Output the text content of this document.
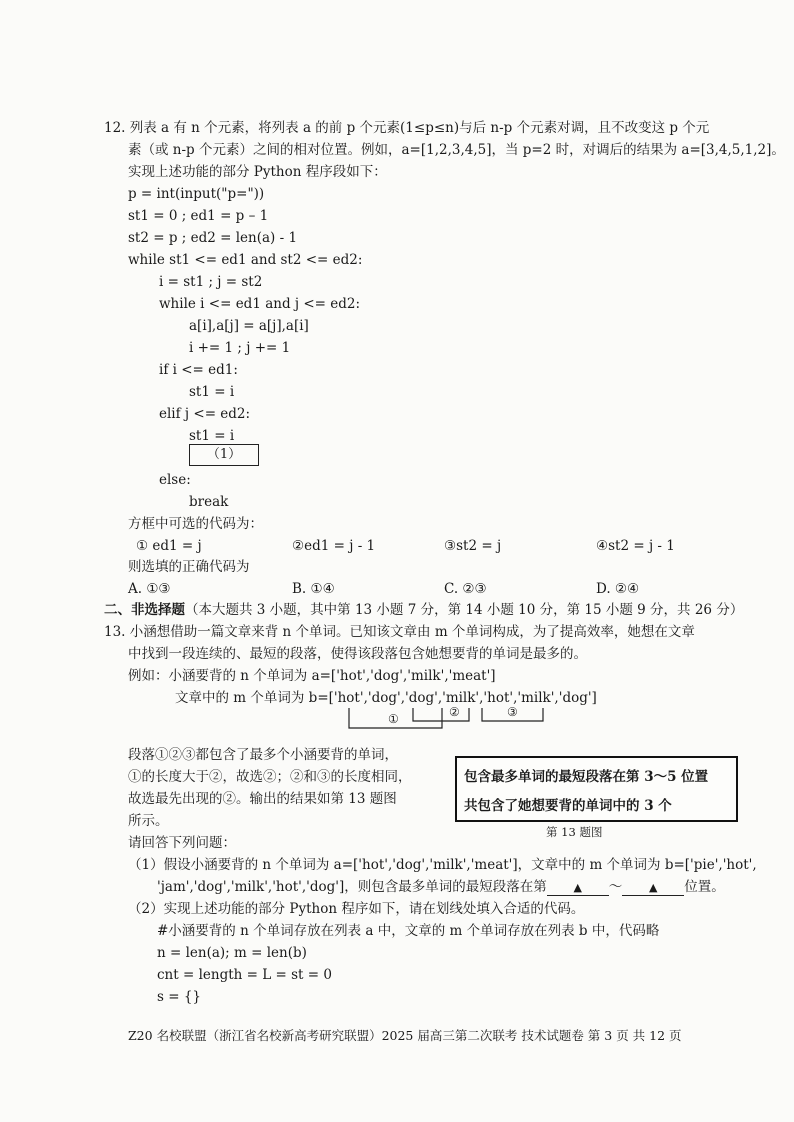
12. 列表 a 有 n 个元素，将列表 a 的前 p 个元素(1≤p≤n)与后 n-p 个元素对调，且不改变这 p 个元
素（或 n-p 个元素）之间的相对位置。例如，a=[1,2,3,4,5]，当 p=2 时，对调后的结果为 a=[3,4,5,1,2]。
实现上述功能的部分 Python 程序段如下：
p = int(input("p="))
st1 = 0 ; ed1 = p – 1
st2 = p ; ed2 = len(a) - 1
while st1 <= ed1 and st2 <= ed2:
i = st1 ; j = st2
while i <= ed1 and j <= ed2:
a[i],a[j] = a[j],a[i]
i += 1 ; j += 1
if i <= ed1:
st1 = i
elif j <= ed2:
st1 = i
（1）
else:
break
方框中可选的代码为：
① ed1 = j	②ed1 = j - 1	③st2 = j	④st2 = j - 1
则选填的正确代码为
A. ①③	B. ①④	C. ②③	D. ②④
二、非选择题（本大题共 3 小题，其中第 13 小题 7 分，第 14 小题 10 分，第 15 小题 9 分，共 26 分）
13. 小涵想借助一篇文章来背 n 个单词。已知该文章由 m 个单词构成，为了提高效率，她想在文章
中找到一段连续的、最短的段落，使得该段落包含她想要背的单词是最多的。
例如：小涵要背的 n 个单词为 a=['hot','dog','milk','meat']
文章中的 m 个单词为 b=['hot','dog','dog','milk','hot','milk','dog']
①	②	③
段落①②③都包含了最多个小涵要背的单词，
①的长度大于②，故选②；②和③的长度相同，
故选最先出现的②。输出的结果如第 13 题图
所示。
包含最多单词的最短段落在第 3～5 位置
共包含了她想要背的单词中的 3 个
第 13 题图
请回答下列问题：
（1）假设小涵要背的 n 个单词为 a=['hot','dog','milk','meat']，文章中的 m 个单词为 b=['pie','hot',
'jam','dog','milk','hot','dog']，则包含最多单词的最短段落在第 ▲ ～ ▲ 位置。
（2）实现上述功能的部分 Python 程序如下，请在划线处填入合适的代码。
#小涵要背的 n 个单词存放在列表 a 中，文章的 m 个单词存放在列表 b 中，代码略
n = len(a); m = len(b)
cnt = length = L = st = 0
s = {}
Z20 名校联盟（浙江省名校新高考研究联盟）2025 届高三第二次联考 技术试题卷 第 3 页 共 12 页
